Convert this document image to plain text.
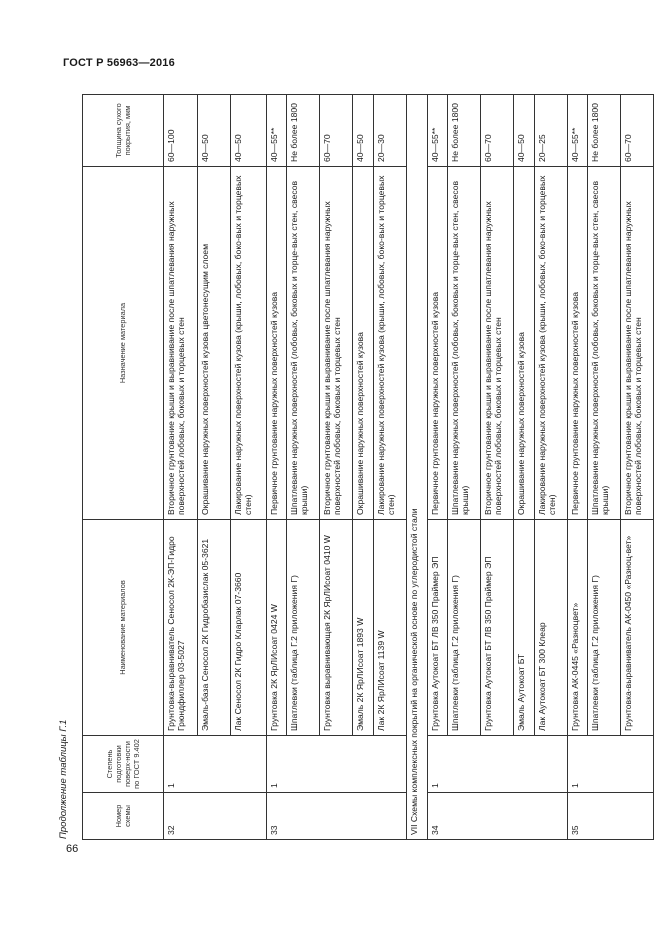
ГОСТ Р 56963—2016
Продолжение таблицы Г.1
66
Номер схемы	Степень подготовки поверх-ности по ГОСТ 9.402	Наименование материалов	Назначение материала	Толщина сухого покрытия, мкм
32	1	Грунтовка-выравниватель Сеносол 2К-ЭП-Гидро Грюндфиллер 03-5027	Вторичное грунтование крыши и выравнивание после шпатлевания наружных поверхностей лобовых, боковых и торцевых стен	60—100
		Эмаль-база Сеносол 2К Гидробазислак 05-3621	Окрашивание наружных поверхностей кузова цветонесущим слоем	40—50
		Лак Сеносол 2К Гидро Кларлак 07-3660	Лакирование наружных поверхностей кузова (крыши, лобовых, боко-вых и торцевых стен)	40—50
33	1	Грунтовка 2К ЯрЛИсоат 0424 W	Первичное грунтование наружных поверхностей кузова	40—55**
		Шпатлевки (таблица Г.2 приложения Г)	Шпатлевание наружных поверхностей (лобовых, боковых и торце-вых стен, свесов крыши)	Не более 1800
		Грунтовка выравнивающая 2К ЯрЛИсоат 0410 W	Вторичное грунтование крыши и выравнивание после шпатлевания наружных поверхностей лобовых, боковых и торцевых стен	60—70
		Эмаль 2К ЯрЛИсоат 1893 W	Окрашивание наружных поверхностей кузова	40—50
		Лак 2К ЯрЛИсоат 1139 W	Лакирование наружных поверхностей кузова (крыши, лобовых, боко-вых и торцевых стен)	20—30
VII Схемы комплексных покрытий на органической основе по углеродистой стали				
34	1	Грунтовка Аутокоат БТ ЛВ 350 Праймер ЭП	Первичное грунтование наружных поверхностей кузова	40—55**
		Шпатлевки (таблица Г.2 приложения Г)	Шпатлевание наружных поверхностей (лобовых, боковых и торце-вых стен, свесов крыши)	Не более 1800
		Грунтовка Аутокоат БТ ЛВ 350 Праймер ЭП	Вторичное грунтование крыши и выравнивание после шпатлевания наружных поверхностей лобовых, боковых и торцевых стен	60—70
		Эмаль Аутокоат БТ	Окрашивание наружных поверхностей кузова	40—50
		Лак Аутокоат БТ 300 Клеар	Лакирование наружных поверхностей кузова (крыши, лобовых, боко-вых и торцевых стен)	20—25
35	1	Грунтовка АК-0445 «Разноцвет»	Первичное грунтование наружных поверхностей кузова	40—55**
		Шпатлевки (таблица Г.2 приложения Г)	Шпатлевание наружных поверхностей (лобовых, боковых и торце-вых стен, свесов крыши)	Не более 1800
		Грунтовка-выравниватель АК-0450 «Разноц-вет»	Вторичное грунтование крыши и выравнивание после шпатлевания наружных поверхностей лобовых, боковых и торцевых стен	60—70
